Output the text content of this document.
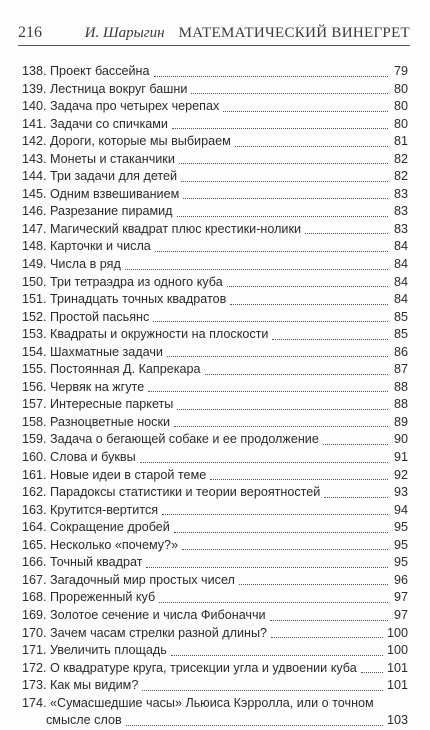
216	И. Шарыгин МАТЕМАТИЧЕСКИЙ ВИНЕГРЕТ
138. Проект бассейна	79
139. Лестница вокруг башни	80
140. Задача про четырех черепах	80
141. Задачи со спичками	80
142. Дороги, которые мы выбираем	81
143. Монеты и стаканчики	82
144. Три задачи для детей	82
145. Одним взвешиванием	83
146. Разрезание пирамид	83
147. Магический квадрат плюс крестики-нолики	83
148. Карточки и числа	84
149. Числа в ряд	84
150. Три тетраэдра из одного куба	84
151. Тринадцать точных квадратов	84
152. Простой пасьянс	85
153. Квадраты и окружности на плоскости	85
154. Шахматные задачи	86
155. Постоянная Д. Капрекара	87
156. Червяк на жгуте	88
157. Интересные паркеты	88
158. Разноцветные носки	89
159. Задача о бегающей собаке и ее продолжение	90
160. Слова и буквы	91
161. Новые идеи в старой теме	92
162. Парадоксы статистики и теории вероятностей	93
163. Крутится-вертится	94
164. Сокращение дробей	95
165. Несколько «почему?»	95
166. Точный квадрат	95
167. Загадочный мир простых чисел	96
168. Прореженный куб	97
169. Золотое сечение и числа Фибоначчи	97
170. Зачем часам стрелки разной длины?	100
171. Увеличить площадь	100
172. О квадратуре круга, трисекции угла и удвоении куба 101
173. Как мы видим?	101
174. «Сумасшедшие часы» Льюиса Кэрролла, или о точном
смысле слов	103
